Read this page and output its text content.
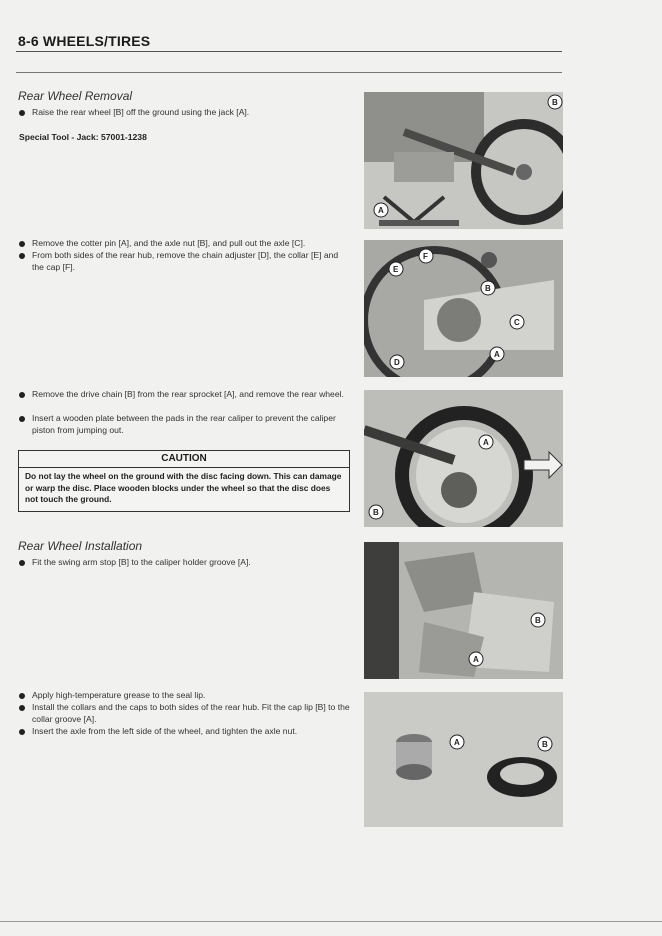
8-6 WHEELS/TIRES
Rear Wheel Removal
Raise the rear wheel [B] off the ground using the jack [A].
Special Tool - Jack: 57001-1238
Remove the cotter pin [A], and the axle nut [B], and pull out the axle [C].
From both sides of the rear hub, remove the chain adjuster [D], the collar [E] and the cap [F].
Remove the drive chain [B] from the rear sprocket [A], and remove the rear wheel.
Insert a wooden plate between the pads in the rear caliper to prevent the caliper piston from jumping out.
CAUTION
Do not lay the wheel on the ground with the disc facing down. This can damage or warp the disc. Place wooden blocks under the wheel so that the disc does not touch the ground.
Rear Wheel Installation
Fit the swing arm stop [B] to the caliper holder groove [A].
Apply high-temperature grease to the seal lip.
Install the collars and the caps to both sides of the rear hub. Fit the cap lip [B] to the collar groove [A].
Insert the axle from the left side of the wheel, and tighten the axle nut.
B
A
E
F
B
C
D
A
A
B
B
A
A	B
